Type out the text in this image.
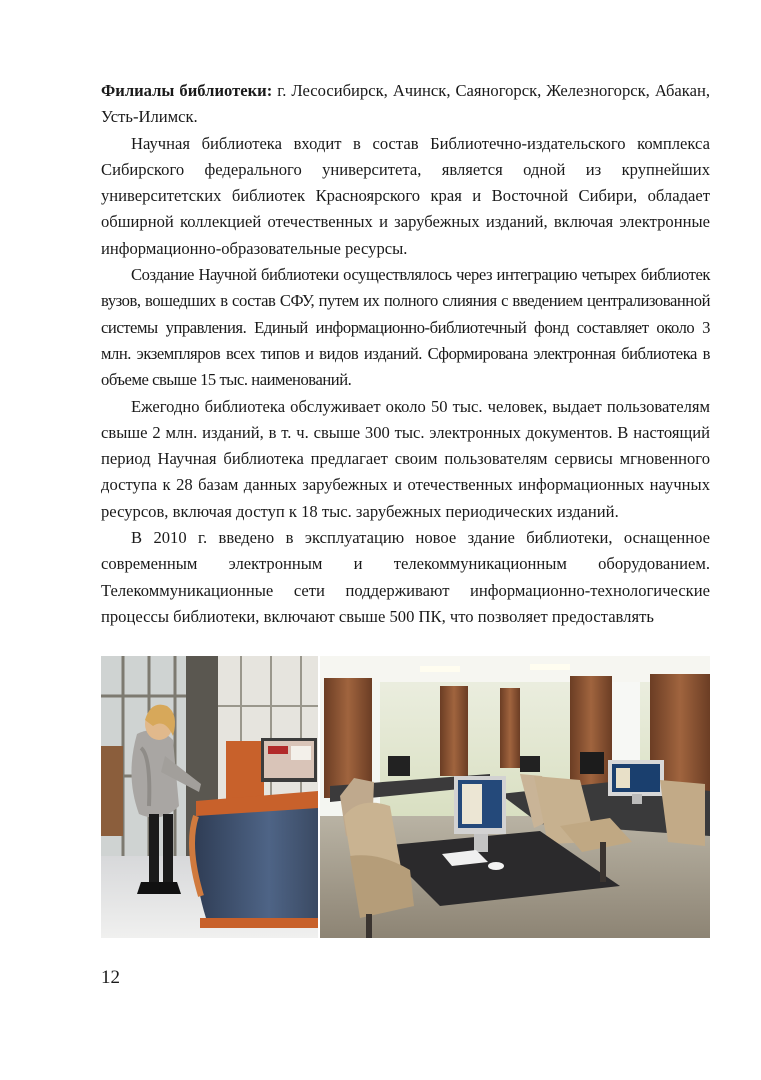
Филиалы библиотеки: г. Лесосибирск, Ачинск, Саяногорск, Железногорск, Абакан, Усть-Илимск.

Научная библиотека входит в состав Библиотечно-издательского комплекса Сибирского федерального университета, является одной из крупнейших университетских библиотек Красноярского края и Восточной Сибири, обладает обширной коллекцией отечественных и зарубежных изданий, включая электронные информационно-образовательные ресурсы.

Создание Научной библиотеки осуществлялось через интеграцию четырех библиотек вузов, вошедших в состав СФУ, путем их полного слияния с введением централизованной системы управления. Единый информационно-библиотечный фонд составляет около 3 млн. экземпляров всех типов и видов изданий. Сформирована электронная библиотека в объеме свыше 15 тыс. наименований.

Ежегодно библиотека обслуживает около 50 тыс. человек, выдает пользователям свыше 2 млн. изданий, в т. ч. свыше 300 тыс. электронных документов. В настоящий период Научная библиотека предлагает своим пользователям сервисы мгновенного доступа к 28 базам данных зарубежных и отечественных информационных научных ресурсов, включая доступ к 18 тыс. зарубежных периодических изданий.

В 2010 г. введено в эксплуатацию новое здание библиотеки, оснащенное современным электронным и телекоммуникационным оборудованием. Телекоммуникационные сети поддерживают информационно-технологические процессы библиотеки, включают свыше 500 ПК, что позволяет предоставлять

12
